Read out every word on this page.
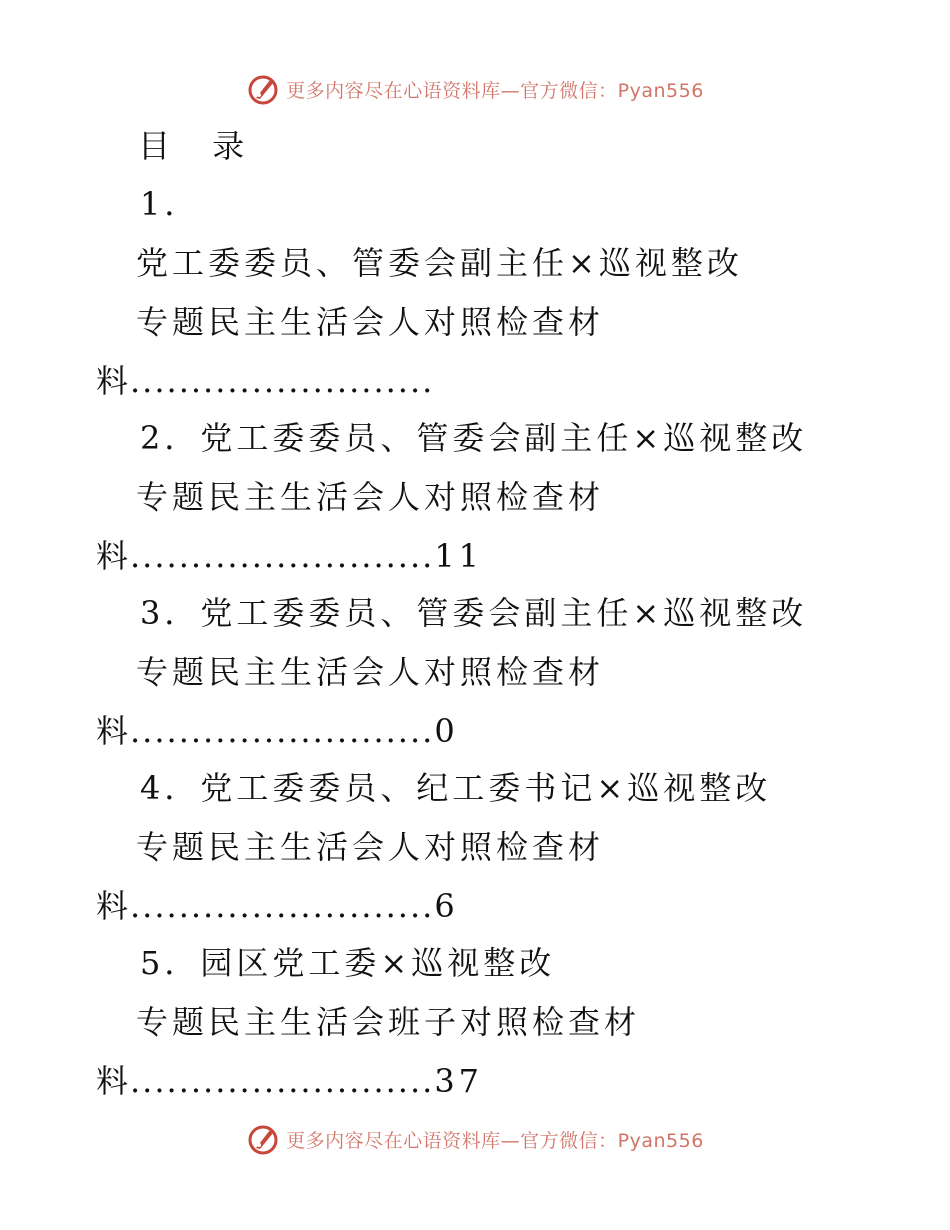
更多内容尽在心语资料库—官方微信：Pyan556
目 录
1．
党工委委员、管委会副主任×巡视整改
专题民主生活会人对照检查材
料.........................
2．党工委委员、管委会副主任×巡视整改
专题民主生活会人对照检查材
料.........................11
3．党工委委员、管委会副主任×巡视整改
专题民主生活会人对照检查材
料.........................0
4．党工委委员、纪工委书记×巡视整改
专题民主生活会人对照检查材
料.........................6
5．园区党工委×巡视整改
专题民主生活会班子对照检查材
料.........................37
更多内容尽在心语资料库—官方微信：Pyan556
